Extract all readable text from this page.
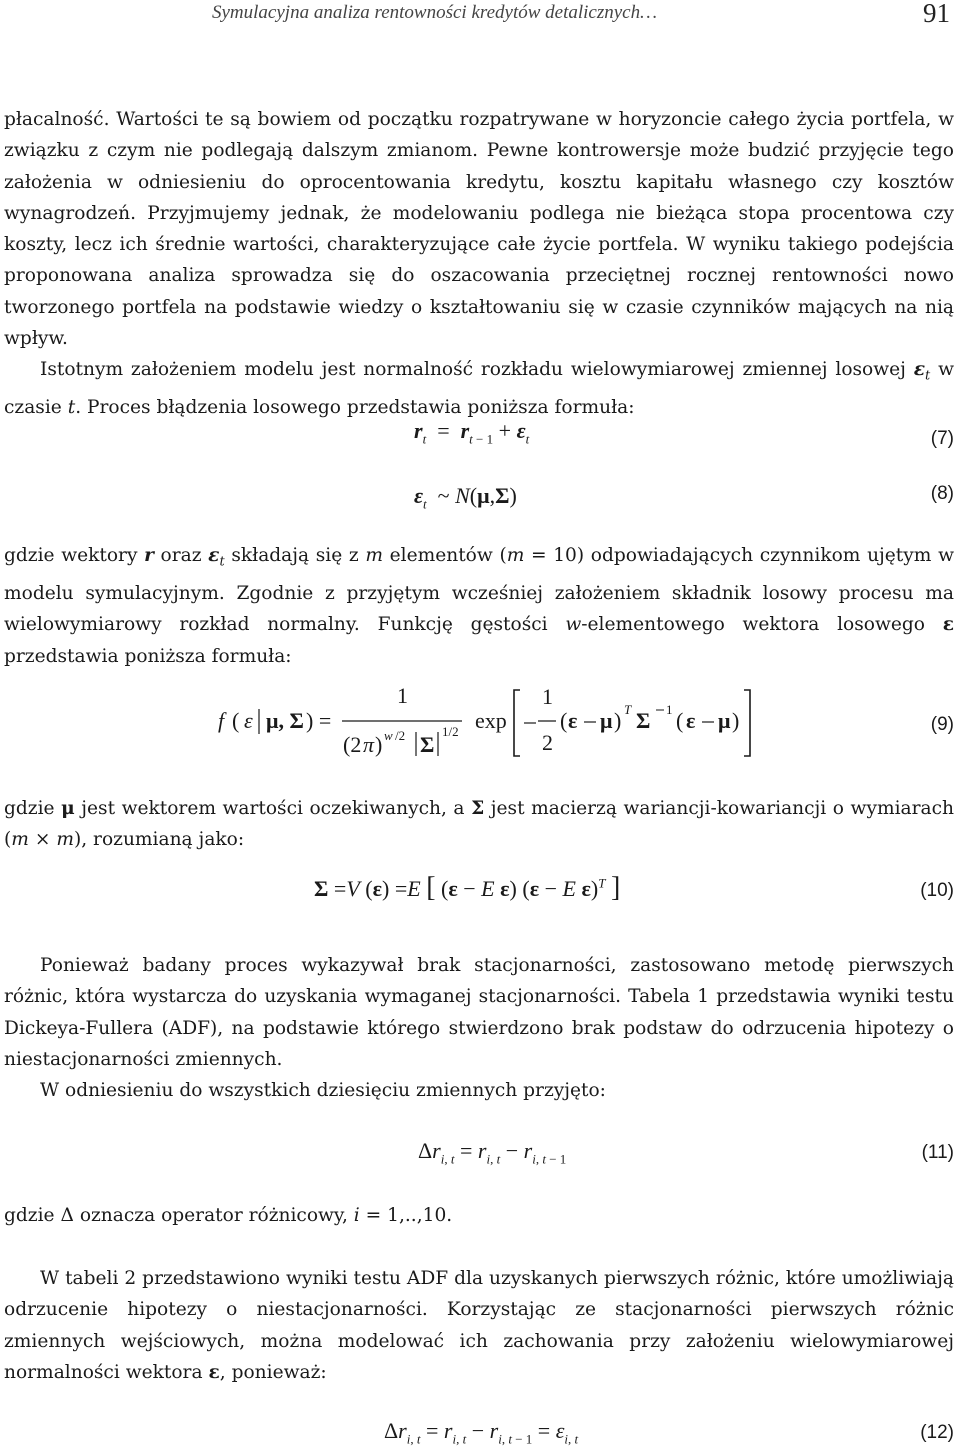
Symulacyjna analiza rentowności kredytów detalicznych…	91

płacalność. Wartości te są bowiem od początku rozpatrywane w horyzoncie całego życia portfela, w związku z czym nie podlegają dalszym zmianom. Pewne kontrowersje może budzić przyjęcie tego założenia w odniesieniu do oprocentowania kredytu, kosztu kapitału własnego czy kosztów wynagrodzeń. Przyjmujemy jednak, że modelowaniu podlega nie bieżąca stopa procentowa czy koszty, lecz ich średnie wartości, charakteryzujące całe życie portfela. W wyniku takiego podejścia proponowana analiza sprowadza się do oszacowania przeciętnej rocznej rentowności nowo tworzonego portfela na podstawie wiedzy o kształtowaniu się w czasie czynników mających na nią wpływ.

Istotnym założeniem modelu jest normalność rozkładu wielowymiarowej zmiennej losowej $\varepsilon_t$ w czasie t. Proces błądzenia losowego przedstawia poniższa formuła:

$r_t = r_{t - 1} + \varepsilon_t$	(7)
$\varepsilon_t$  ~ N(μ,Σ)	(8)

gdzie wektory r oraz $\varepsilon_t$ składają się z m elementów (m = 10) odpowiadających czynnikom ujętym w modelu symulacyjnym. Zgodnie z przyjętym wcześniej założeniem składnik losowy procesu ma wielowymiarowy rozkład normalny. Funkcję gęstości w-elementowego wektora losowego ε przedstawia poniższa formuła:

f ( ε μ, Σ ) =
1
(2 π ) w /2 Σ
1/2 exp
1
2
( ε μ ) T Σ 1 ( ε μ )	(9)

gdzie μ jest wektorem wartości oczekiwanych, a Σ jest macierzą wariancji-kowariancji o wymiarach (m × m), rozumianą jako:

Σ =V (ε) =E [ (ε − E ε) (ε − E ε)$^T$ ]	(10)

Ponieważ badany proces wykazywał brak stacjonarności, zastosowano metodę pierwszych różnic, która wystarcza do uzyskania wymaganej stacjonarności. Tabela 1 przedstawia wyniki testu Dickeya-Fullera (ADF), na podstawie którego stwierdzono brak podstaw do odrzucenia hipotezy o niestacjonarności zmiennych.

W odniesieniu do wszystkich dziesięciu zmiennych przyjęto:

$\Delta r_{i, t} = r_{i, t} - r_{i, t - 1}$	(11)

gdzie Δ oznacza operator różnicowy, i = 1,..,10.

W tabeli 2 przedstawiono wyniki testu ADF dla uzyskanych pierwszych różnic, które umożliwiają odrzucenie hipotezy o niestacjonarności. Korzystając ze stacjonarności pierwszych różnic zmiennych wejściowych, można modelować ich zachowania przy założeniu wielowymiarowej normalności wektora ε, ponieważ:

$\Delta r_{i, t} = r_{i, t} - r_{i, t - 1} = \varepsilon_{i, t}$	(12)
